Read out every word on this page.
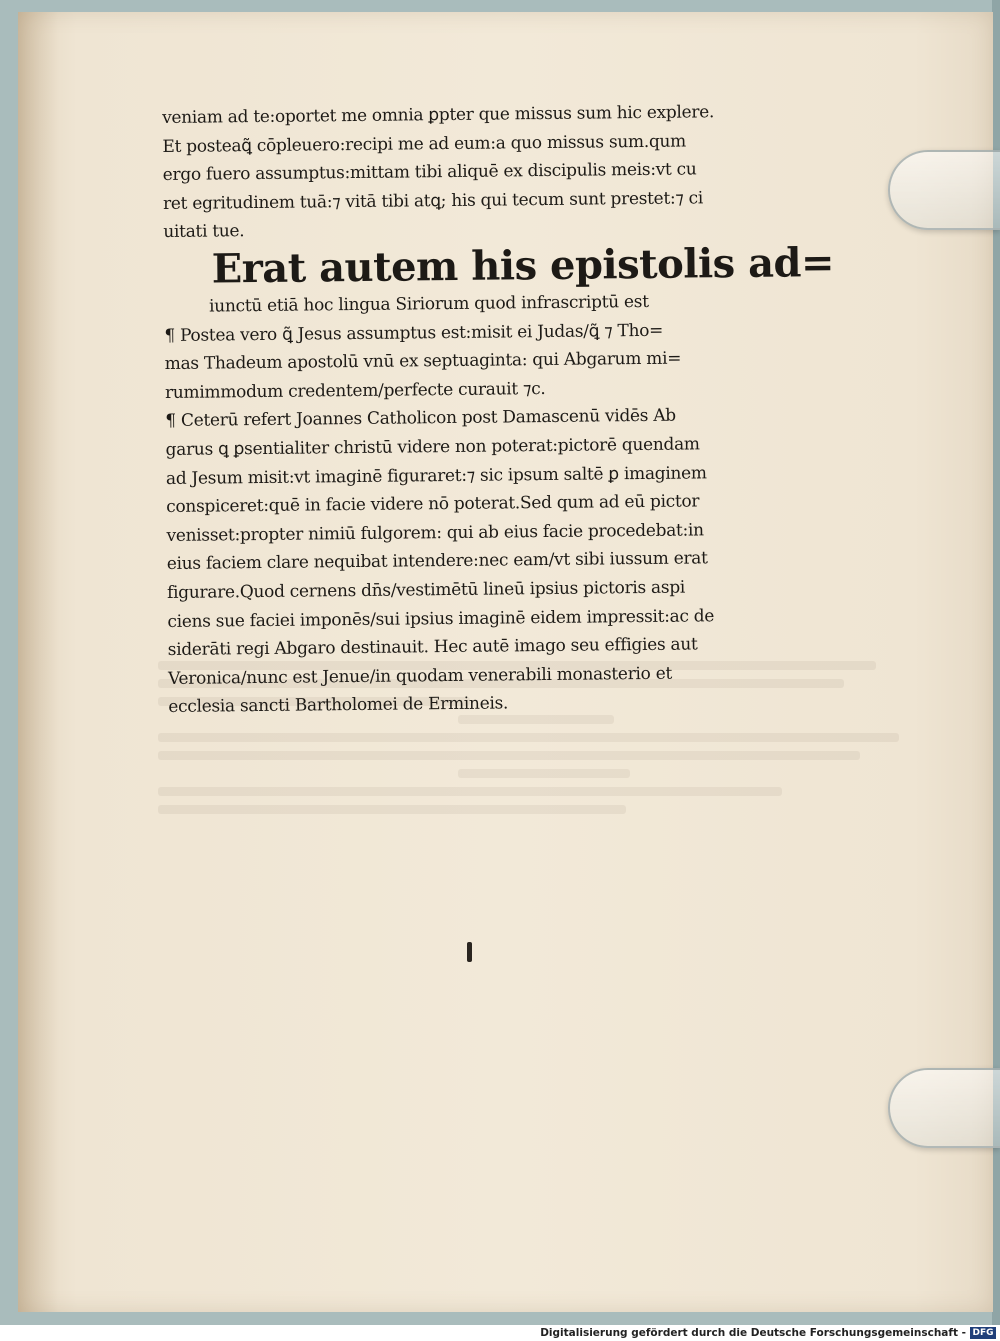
veniam ad te:oportet me omnia ꝑpter que missus sum hic explere.
Et posteaꝗ̃ cōpleuero:recipi me ad eum:a quo missus sum.qum
ergo fuero assumptus:mittam tibi aliquē ex discipulis meis:vt cu
ret egritudinem tuā:⁊ vitā tibi atꝗ; his qui tecum sunt prestet:⁊ ci
uitati tue.
Erat autem his epistolis ad=
iunctū etiā hoc lingua Siriorum quod infrascriptū est
¶ Postea vero ꝗ̃ Jesus assumptus est:misit ei Judas/ꝗ̃ ⁊ Tho=
mas Thadeum apostolū vnū ex septuaginta: qui Abgarum mi=
rumimmodum credentem/perfecte curauit ⁊c.
¶ Ceterū refert Joannes Catholicon post Damascenū vidēs Ab
garus ꝗ ꝑsentialiter christū videre non poterat:pictorē quendam
ad Jesum misit:vt imaginē figuraret:⁊ sic ipsum saltē ꝑ imaginem
conspiceret:quē in facie videre nō poterat.Sed qum ad eū pictor
venisset:propter nimiū fulgorem: qui ab eius facie procedebat:in
eius faciem clare nequibat intendere:nec eam/vt sibi iussum erat
figurare.Quod cernens dn̄s/vestimētū lineū ipsius pictoris aspi
ciens sue faciei imponēs/sui ipsius imaginē eidem impressit:ac de
siderāti regi Abgaro destinauit. Hec autē imago seu effigies aut
Veronica/nunc est Jenue/in quodam venerabili monasterio et
ecclesia sancti Bartholomei de Ermineis.
Digitalisierung gefördert durch die Deutsche Forschungsgemeinschaft - DFG
